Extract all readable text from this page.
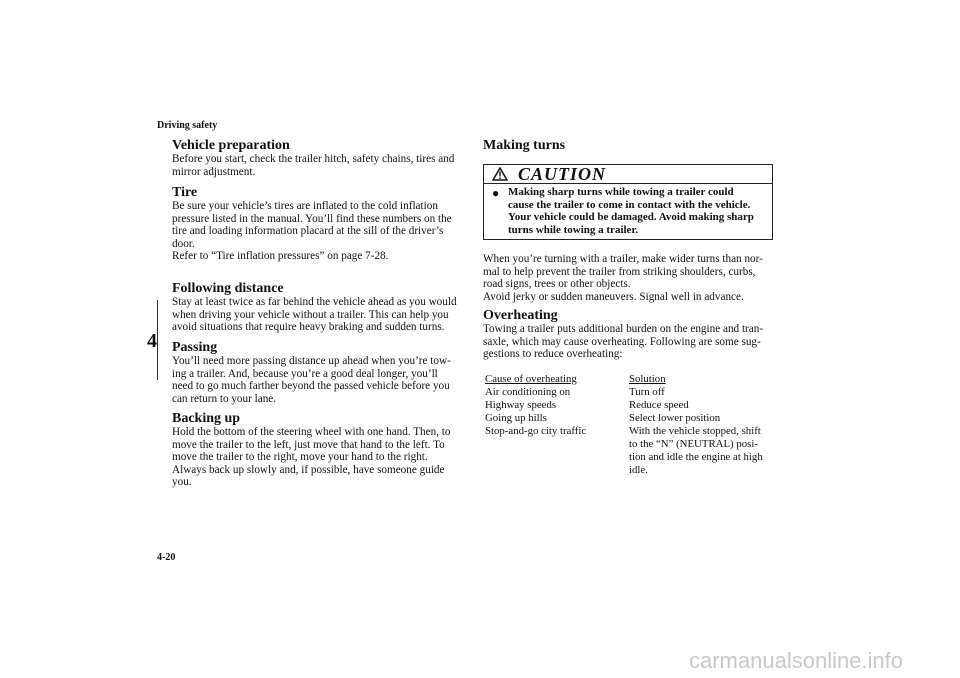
Driving safety
4
Vehicle preparation
Before you start, check the trailer hitch, safety chains, tires and
mirror adjustment.
Tire
Be sure your vehicle’s tires are inflated to the cold inflation
pressure listed in the manual. You’ll find these numbers on the
tire and loading information placard at the sill of the driver’s
door.
Refer to “Tire inflation pressures” on page 7-28.
Following distance
Stay at least twice as far behind the vehicle ahead as you would
when driving your vehicle without a trailer. This can help you
avoid situations that require heavy braking and sudden turns.
Passing
You’ll need more passing distance up ahead when you’re tow-
ing a trailer. And, because you’re a good deal longer, you’ll
need to go much farther beyond the passed vehicle before you
can return to your lane.
Backing up
Hold the bottom of the steering wheel with one hand. Then, to
move the trailer to the left, just move that hand to the left. To
move the trailer to the right, move your hand to the right.
Always back up slowly and, if possible, have someone guide
you.
Making turns
CAUTION
● Making sharp turns while towing a trailer could
cause the trailer to come in contact with the vehicle.
Your vehicle could be damaged. Avoid making sharp
turns while towing a trailer.
When you’re turning with a trailer, make wider turns than nor-
mal to help prevent the trailer from striking shoulders, curbs,
road signs, trees or other objects.
Avoid jerky or sudden maneuvers. Signal well in advance.
Overheating
Towing a trailer puts additional burden on the engine and tran-
saxle, which may cause overheating. Following are some sug-
gestions to reduce overheating:
Cause of overheating	Solution
Air conditioning on	Turn off
Highway speeds	Reduce speed
Going up hills	Select lower position
Stop-and-go city traffic	With the vehicle stopped, shift
to the “N” (NEUTRAL) posi-
tion and idle the engine at high
idle.
4-20
carmanualsonline.info
